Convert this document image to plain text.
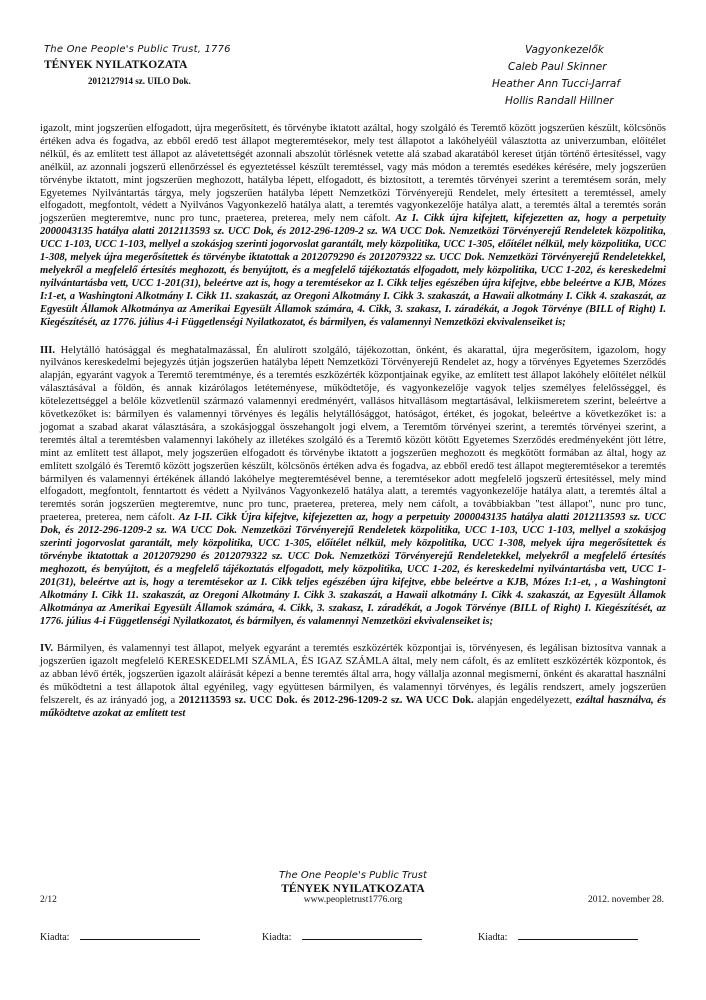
The One People's Public Trust, 1776
TÉNYEK NYILATKOZATA
2012127914 sz. UILO Dok.
Vagyonkezelők
Caleb Paul Skinner
Heather Ann Tucci-Jarraf
Hollis Randall Hillner

igazolt, mint jogszerűen elfogadott, újra megerősített, és törvénybe iktatott azáltal, hogy szolgáló és Teremtő között jogszerűen készült, kölcsönös értéken adva és fogadva, az ebből eredő test állapot megteremtésekor, mely test állapotot a lakóhelyéül választotta az univerzumban, előítélet nélkül, és az említett test állapot az alávetettségét azonnali abszolút törlésnek vetette alá szabad akaratából kereset útján történő értesítéssel, vagy anélkül, az azonnali jogszerű ellenőrzéssel és egyeztetéssel készült teremtéssel, vagy más módon a teremtés esedékes kérésére, mely jogszerűen törvénybe iktatott, mint jogszerűen meghozott, hatályba lépett, elfogadott, és biztosított, a teremtés törvényei szerint a teremtésem során, mely Egyetemes Nyilvántartás tárgya, mely jogszerűen hatályba lépett Nemzetközi Törvényerejű Rendelet, mely értesített a teremtéssel, amely elfogadott, megfontolt, védett a Nyilvános Vagyonkezelő hatálya alatt, a teremtés vagyonkezelője hatálya alatt, a teremtés által a teremtés során jogszerűen megteremtve, nunc pro tunc, praeterea, preterea, mely nem cáfolt. Az I. Cikk újra kifejtett, kifejezetten az, hogy a perpetuity 2000043135 hatálya alatti 2012113593 sz. UCC Dok, és 2012-296-1209-2 sz. WA UCC Dok. Nemzetközi Törvényerejű Rendeletek közpolitika, UCC 1-103, UCC 1-103, mellyel a szokásjog szerinti jogorvoslat garantált, mely közpolitika, UCC 1-305, előítélet nélkül, mely közpolitika, UCC 1-308, melyek újra megerősítettek és törvénybe iktatottak a 2012079290 és 2012079322 sz. UCC Dok. Nemzetközi Törvényerejű Rendeletekkel, melyekről a megfelelő értesítés meghozott, és benyújtott, és a megfelelő tájékoztatás elfogadott, mely közpolitika, UCC 1-202, és kereskedelmi nyilvántartásba vett, UCC 1-201(31), beleértve azt is, hogy a teremtésekor az I. Cikk teljes egészében újra kifejtve, ebbe beleértve a KJB, Mózes I:1-et, a Washingtoni Alkotmány I. Cikk 11. szakaszát, az Oregoni Alkotmány I. Cikk 3. szakaszát, a Hawaii alkotmány I. Cikk 4. szakaszát, az Egyesült Államok Alkotmánya az Amerikai Egyesült Államok számára, 4. Cikk, 3. szakasz, I. záradékát, a Jogok Törvénye (BILL of Right) I. Kiegészítését, az 1776. július 4-i Függetlenségi Nyilatkozatot, és bármilyen, és valamennyi Nemzetközi ekvivalenseiket is;

III. Helytálló hatósággal és meghatalmazással, Én alulírott szolgáló, tájékozottan, önként, és akarattal, újra megerősítem, igazolom, hogy nyilvános kereskedelmi bejegyzés útján jogszerűen hatályba lépett Nemzetközi Törvényerejű Rendelet az, hogy a törvényes Egyetemes Szerződés alapján, egyaránt vagyok a Teremtő teremtménye, és a teremtés eszközérték központjainak egyike, az említett test állapot lakóhely előítélet nélkül választásával a földön, és annak kizárólagos letéteményese, működtetője, és vagyonkezelője vagyok teljes személyes felelősséggel, és kötelezettséggel a belőle közvetlenül származó valamennyi eredményért, vallásos hitvallásom megtartásával, lelkiismeretem szerint, beleértve a következőket is: bármilyen és valamennyi törvényes és legális helytállósággot, hatóságot, értéket, és jogokat, beleértve a következőket is: a jogomat a szabad akarat választására, a szokásjoggal összehangolt jogi elvem, a Teremtőm törvényei szerint, a teremtés törvényei szerint, a teremtés által a teremtésben valamennyi lakóhely az illetékes szolgáló és a Teremtő között kötött Egyetemes Szerződés eredményeként jött létre, mint az említett test állapot, mely jogszerűen elfogadott és törvénybe iktatott a jogszerűen meghozott és megkötött formában az által, hogy az említett szolgáló és Teremtő között jogszerűen készült, kölcsönös értéken adva és fogadva, az ebből eredő test állapot megteremtésekor a teremtés bármilyen és valamennyi értékének állandó lakóhelye megteremtésével benne, a teremtésekor adott megfelelő jogszerű értesítéssel, mely mind elfogadott, megfontolt, fenntartott és védett a Nyilvános Vagyonkezelő hatálya alatt, a teremtés vagyonkezelője hatálya alatt, a teremtés által a teremtés során jogszerűen megteremtve, nunc pro tunc, praeterea, preterea, mely nem cáfolt, a továbbiakban "test állapot", nunc pro tunc, praeterea, preterea, nem cáfolt. Az I-II. Cikk Újra kifejtve, kifejezetten az, hogy a perpetuity 2000043135 hatálya alatti 2012113593 sz. UCC Dok, és 2012-296-1209-2 sz. WA UCC Dok. Nemzetközi Törvényerejű Rendeletek közpolitika, UCC 1-103, UCC 1-103, mellyel a szokásjog szerinti jogorvoslat garantált, mely közpolitika, UCC 1-305, előítélet nélkül, mely közpolitika, UCC 1-308, melyek újra megerősítettek és törvénybe iktatottak a 2012079290 és 2012079322 sz. UCC Dok. Nemzetközi Törvényerejű Rendeletekkel, melyekről a megfelelő értesítés meghozott, és benyújtott, és a megfelelő tájékoztatás elfogadott, mely közpolitika, UCC 1-202, és kereskedelmi nyilvántartásba vett, UCC 1-201(31), beleértve azt is, hogy a teremtésekor az I. Cikk teljes egészében újra kifejtve, ebbe beleértve a KJB, Mózes I:1-et, , a Washingtoni Alkotmány I. Cikk 11. szakaszát, az Oregoni Alkotmány I. Cikk 3. szakaszát, a Hawaii alkotmány I. Cikk 4. szakaszát, az Egyesült Államok Alkotmánya az Amerikai Egyesült Államok számára, 4. Cikk, 3. szakasz, I. záradékát, a Jogok Törvénye (BILL of Right) I. Kiegészítését, az 1776. július 4-i Függetlenségi Nyilatkozatot, és bármilyen, és valamennyi Nemzetközi ekvivalenseiket is;

IV. Bármilyen, és valamennyi test állapot, melyek egyaránt a teremtés eszközérték központjai is, törvényesen, és legálisan biztosítva vannak a jogszerűen igazolt megfelelő KERESKEDELMI SZÁMLA, ÉS IGAZ SZÁMLA által, mely nem cáfolt, és az említett eszközérték központok, és az abban lévő érték, jogszerűen igazolt aláírását képezi a benne teremtés által arra, hogy vállalja azonnal megismerni, önként és akarattal használni és működtetni a test állapotok által egyénileg, vagy együttesen bármilyen, és valamennyi törvényes, és legális rendszert, amely jogszerűen felszerelt, és az irányadó jog, a 2012113593 sz. UCC Dok. és 2012-296-1209-2 sz. WA UCC Dok. alapján engedélyezett, ezáltal használva, és működtetve azokat az említett test

The One People's Public Trust
TÉNYEK NYILATKOZATA
2/12	www.peopletrust1776.org	2012. november 28.
Kiadta:	Kiadta:	Kiadta:
